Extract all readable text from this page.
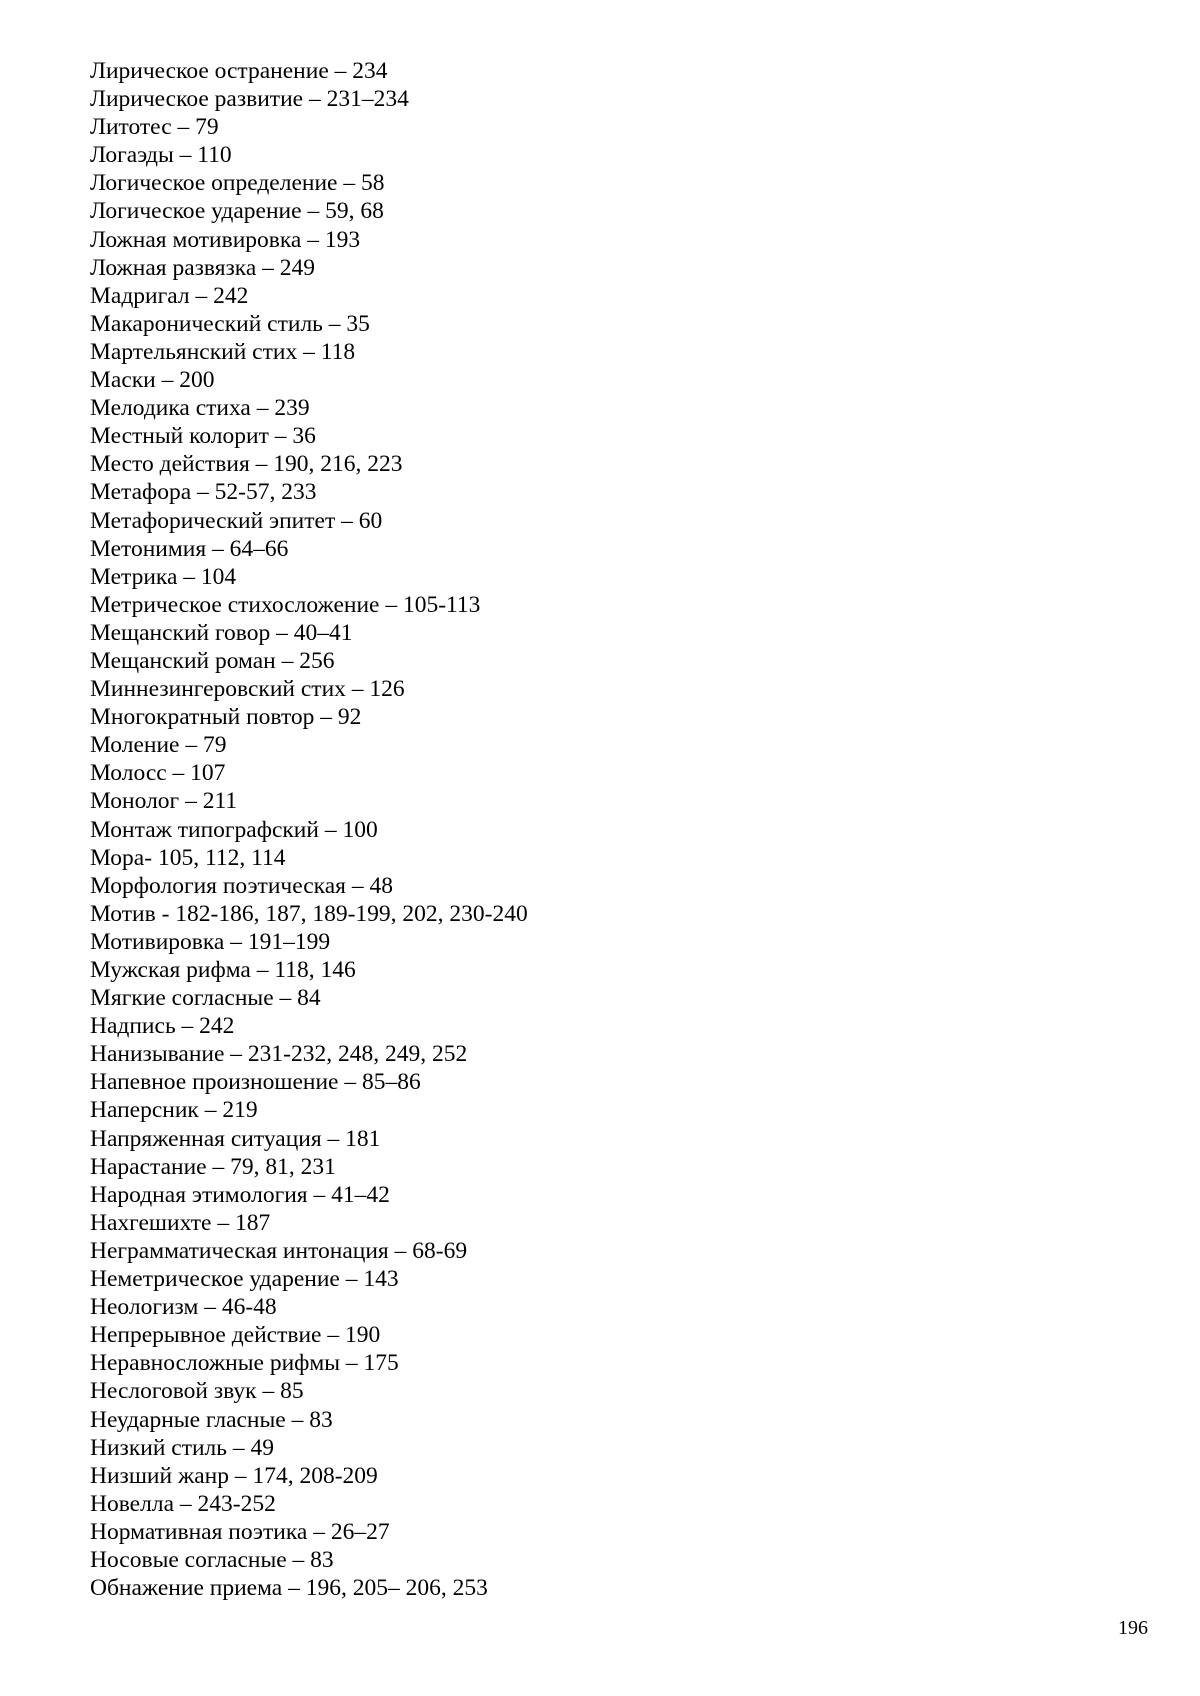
Лирическое остранение – 234
Лирическое развитие – 231–234
Литотес – 79
Логаэды – 110
Логическое определение – 58
Логическое ударение – 59, 68
Ложная мотивировка – 193
Ложная развязка – 249
Мадригал – 242
Макаронический стиль – 35
Мартельянский стих – 118
Маски – 200
Мелодика стиха – 239
Местный колорит – 36
Место действия – 190, 216, 223
Метафора – 52-57, 233
Метафорический эпитет – 60
Метонимия – 64–66
Метрика – 104
Метрическое стихосложение – 105-113
Мещанский говор – 40–41
Мещанский роман – 256
Миннезингеровский стих – 126
Многократный повтор – 92
Моление – 79
Молосс – 107
Монолог – 211
Монтаж типографский – 100
Мора- 105, 112, 114
Морфология поэтическая – 48
Мотив - 182-186, 187, 189-199, 202, 230-240
Мотивировка – 191–199
Мужская рифма – 118, 146
Мягкие согласные – 84
Надпись – 242
Нанизывание – 231-232, 248, 249, 252
Напевное произношение – 85–86
Наперсник – 219
Напряженная ситуация – 181
Нарастание – 79, 81, 231
Народная этимология – 41–42
Нахгешихте – 187
Неграмматическая интонация – 68-69
Неметрическое ударение – 143
Неологизм – 46-48
Непрерывное действие – 190
Неравносложные рифмы – 175
Неслоговой звук – 85
Неударные гласные – 83
Низкий стиль – 49
Низший жанр – 174, 208-209
Новелла – 243-252
Нормативная поэтика – 26–27
Носовые согласные – 83
Обнажение приема – 196, 205– 206, 253
196
